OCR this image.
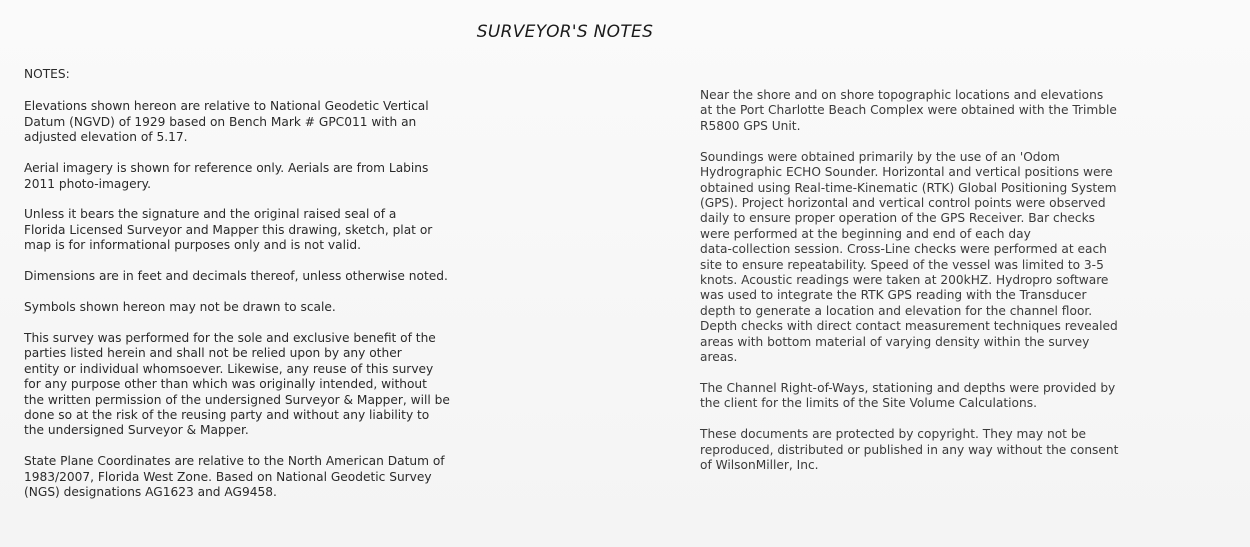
SURVEYOR'S NOTES
NOTES:
Elevations shown hereon are relative to National Geodetic Vertical
Datum (NGVD) of 1929 based on Bench Mark # GPC011 with an
adjusted elevation of 5.17.
Aerial imagery is shown for reference only. Aerials are from Labins
2011 photo-imagery.
Unless it bears the signature and the original raised seal of a
Florida Licensed Surveyor and Mapper this drawing, sketch, plat or
map is for informational purposes only and is not valid.
Dimensions are in feet and decimals thereof, unless otherwise noted.
Symbols shown hereon may not be drawn to scale.
This survey was performed for the sole and exclusive benefit of the
parties listed herein and shall not be relied upon by any other
entity or individual whomsoever. Likewise, any reuse of this survey
for any purpose other than which was originally intended, without
the written permission of the undersigned Surveyor & Mapper, will be
done so at the risk of the reusing party and without any liability to
the undersigned Surveyor & Mapper.
State Plane Coordinates are relative to the North American Datum of
1983/2007, Florida West Zone. Based on National Geodetic Survey
(NGS) designations AG1623 and AG9458.
Near the shore and on shore topographic locations and elevations
at the Port Charlotte Beach Complex were obtained with the Trimble
R5800 GPS Unit.
Soundings were obtained primarily by the use of an 'Odom
Hydrographic ECHO Sounder. Horizontal and vertical positions were
obtained using Real-time-Kinematic (RTK) Global Positioning System
(GPS). Project horizontal and vertical control points were observed
daily to ensure proper operation of the GPS Receiver. Bar checks
were performed at the beginning and end of each day
data-collection session. Cross-Line checks were performed at each
site to ensure repeatability. Speed of the vessel was limited to 3-5
knots. Acoustic readings were taken at 200kHZ. Hydropro software
was used to integrate the RTK GPS reading with the Transducer
depth to generate a location and elevation for the channel floor.
Depth checks with direct contact measurement techniques revealed
areas with bottom material of varying density within the survey
areas.
The Channel Right-of-Ways, stationing and depths were provided by
the client for the limits of the Site Volume Calculations.
These documents are protected by copyright. They may not be
reproduced, distributed or published in any way without the consent
of WilsonMiller, Inc.
